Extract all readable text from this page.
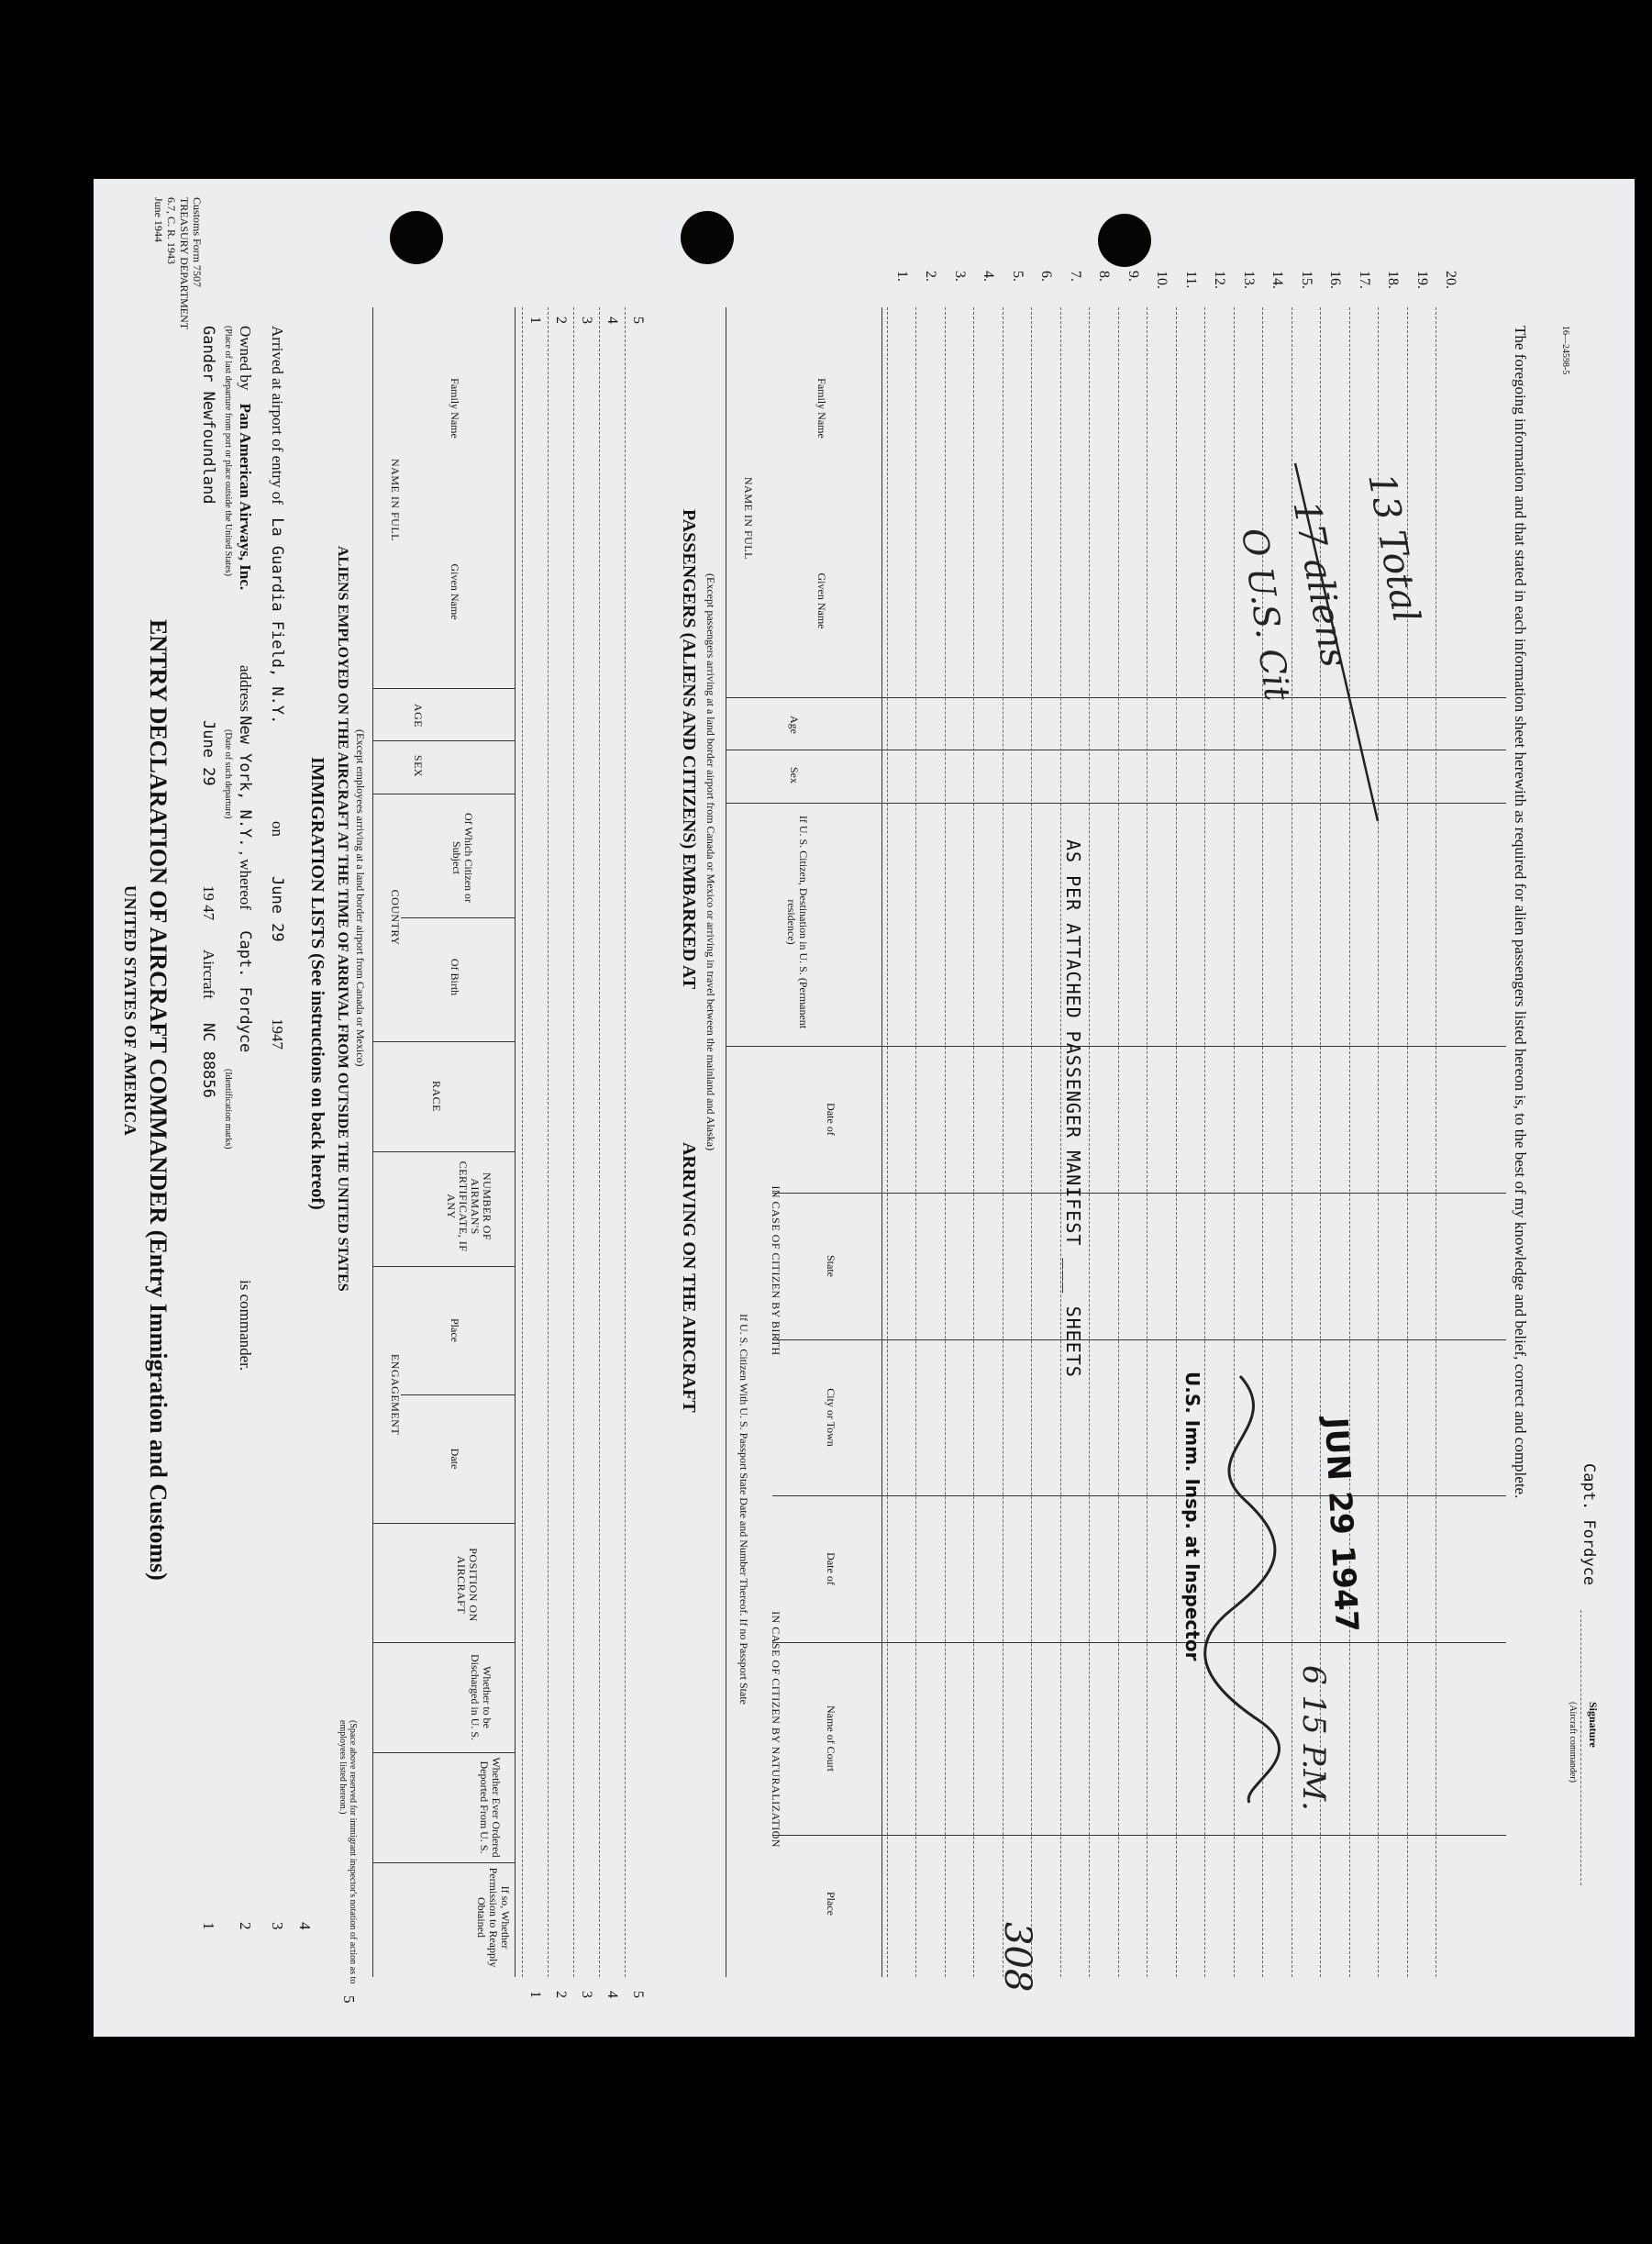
Customs Form 7507
TREASURY DEPARTMENT
6.7, C. R. 1943
June 1944
UNITED STATES OF AMERICA ENTRY DECLARATION OF AIRCRAFT COMMANDER (Entry Immigration and Customs)
Gander Newfoundland (Place of last departure from port or place outside the United States)
June 29 (Date of such departure)
19 47
Aircraft
NC 88856
(Identification marks)
1
Owned by Pan American Airways, Inc.
address New York, N.Y. , whereof Capt. Fordyce
is commander.
2
Arrived at airport of entry of La Guardia Field, N.Y.
on
June 29
1947
3 4
IMMIGRATION LISTS (See instructions on back hereof) ALIENS EMPLOYED ON THE AIRCRAFT AT THE TIME OF ARRIVAL FROM OUTSIDE THE UNITED STATES (Except employees arriving at a land border airport from Canada or Mexico)
(Space above reserved for immigrant inspector's notation of action as to employees listed hereon.)
5
NAME IN FULL
Family Name
Given Name
AGE
SEX
COUNTRY
Of Which Citizen or Subject
Of Birth
RACE
NUMBER OF AIRMAN'S CERTIFICATE, IF ANY
ENGAGEMENT
Place
Date
POSITION ON AIRCRAFT
Whether to be Discharged in U. S.
Whether Ever Ordered Deported From U. S.
If so, Whether Permission to Reapply Obtained
1
1
2
2
3
3
4
4
5
5
PASSENGERS (ALIENS AND CITIZENS) EMBARKED AT
ARRIVING ON THE AIRCRAFT
(Except passengers arriving at a land border airport from Canada or Mexico or arriving in travel between the mainland and Alaska)
NAME IN FULL
Family Name
Given Name
Age
Sex
If U. S. Citizen, Destination in U. S. (Permanent residence)
If U. S. Citizen With U. S. Passport State Date and Number Thereof. If no Passport State
IN CASE OF CITIZEN BY BIRTH
IN CASE OF CITIZEN BY NATURALIZATION
Date of
State
City or Town
Date of
Name of Court
Place
1. 2. 3. 4. 5. 6. 7. 8. 9. 10. 11. 12. 13. 14. 15. 16. 17. 18. 19. 20.
AS PER ATTACHED PASSENGER MANIFEST ___ SHEETS	The foregoing information and that stated in each information sheet herewith as required for alien passengers listed hereon is, to the best of my knowledge and belief, correct and complete.	16—24598-5
Capt. Fordyce
Signature
(Aircraft commander)
O U.S. Cit
17 aliens 13 Total
JUN 29 1947
U.S. Imm. Insp. at Inspector
6 15 P.M.
308
